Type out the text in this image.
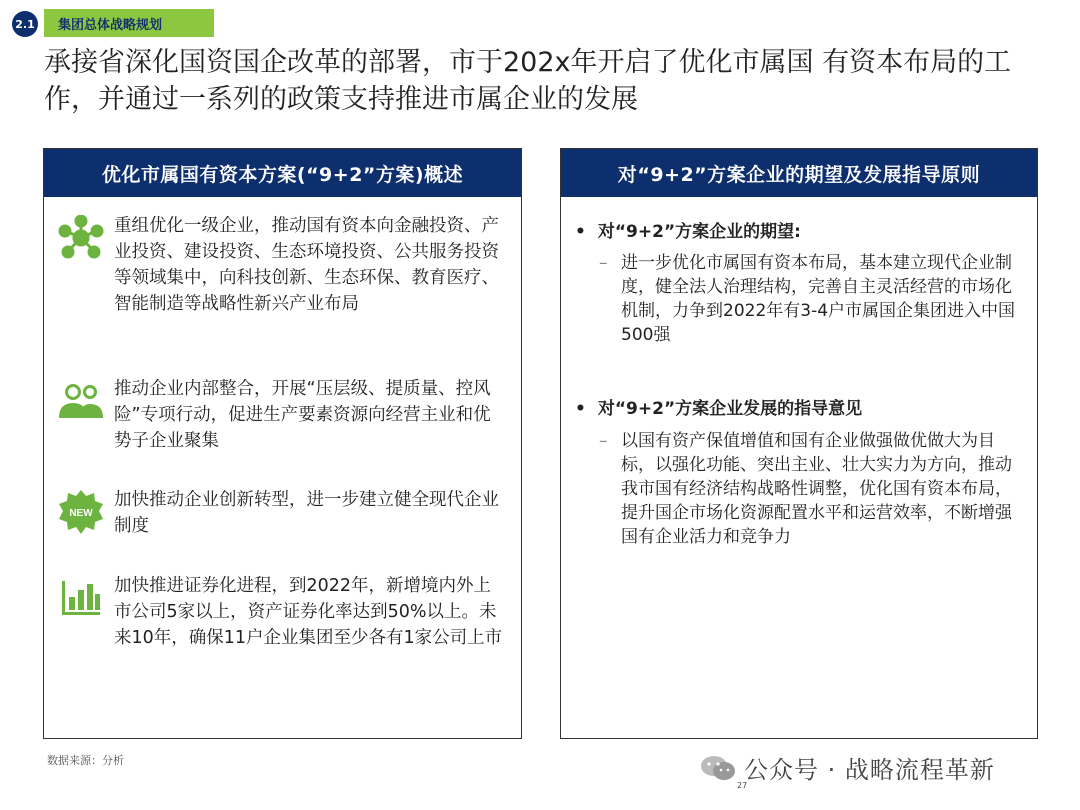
2.1	集团总体战略规划
承接省深化国资国企改革的部署，市于202x年开启了优化市属国 有资本布局的工作，并通过一系列的政策支持推进市属企业的发展
优化市属国有资本方案(“9+2”方案)概述
重组优化一级企业，推动国有资本向金融投资、产业投资、建设投资、生态环境投资、公共服务投资等领域集中，向科技创新、生态环保、教育医疗、智能制造等战略性新兴产业布局
推动企业内部整合，开展“压层级、提质量、控风险”专项行动，促进生产要素资源向经营主业和优势子企业聚集
NEW
加快推动企业创新转型，进一步建立健全现代企业制度
加快推进证券化进程，到2022年，新增境内外上市公司5家以上，资产证券化率达到50%以上。未来10年，确保11户企业集团至少各有1家公司上市
对“9+2”方案企业的期望及发展指导原则
• 对“9+2”方案企业的期望:
– 进一步优化市属国有资本布局，基本建立现代企业制度，健全法人治理结构，完善自主灵活经营的市场化机制，力争到2022年有3-4户市属国企集团进入中国500强
• 对“9+2”方案企业发展的指导意见
– 以国有资产保值增值和国有企业做强做优做大为目标，以强化功能、突出主业、壮大实力为方向，推动我市国有经济结构战略性调整，优化国有资本布局，提升国企市场化资源配置水平和运营效率，不断增强国有企业活力和竞争力
数据来源：分析
27
公众号 · 战略流程革新
